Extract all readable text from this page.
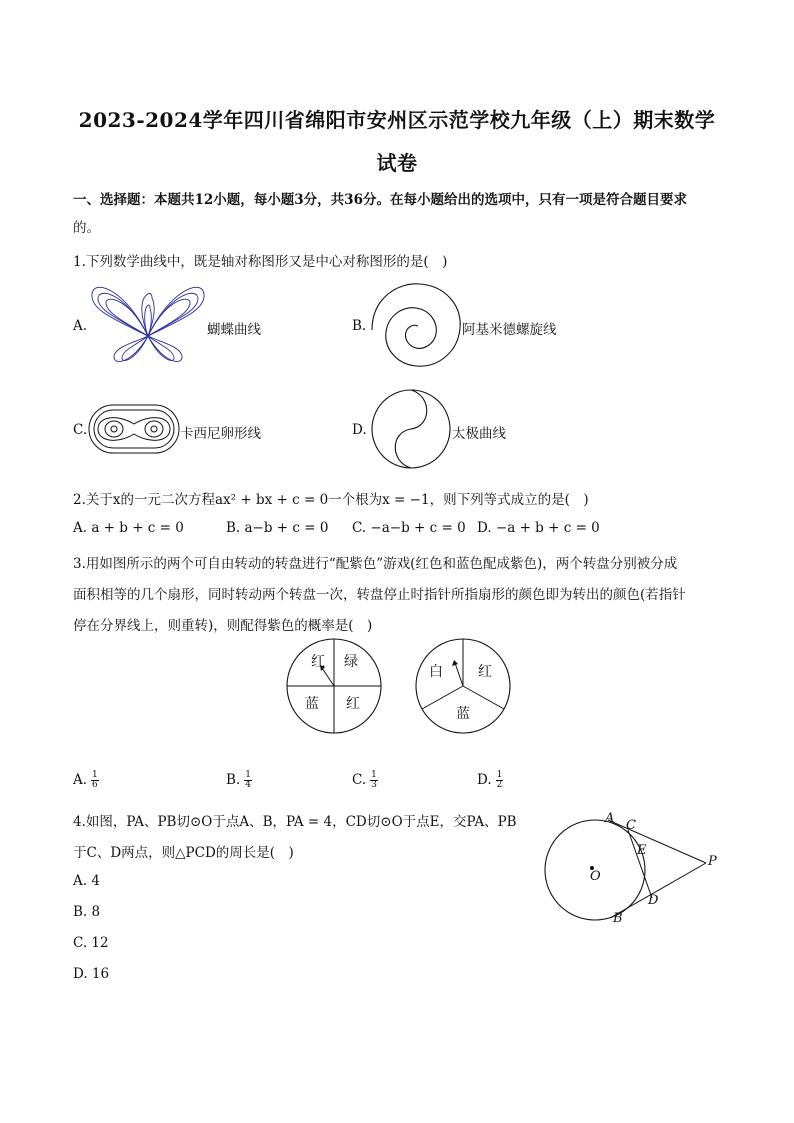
2023-2024学年四川省绵阳市安州区示范学校九年级（上）期末数学
试卷
一、选择题：本题共12小题，每小题3分，共36分。在每小题给出的选项中，只有一项是符合题目要求
的。
1.下列数学曲线中，既是轴对称图形又是中心对称图形的是(　)
A.	蝴蝶曲线	B.	阿基米德螺旋线
C.	卡西尼卵形线	D.	太极曲线
2.关于x的一元二次方程ax² + bx + c = 0一个根为x = −1，则下列等式成立的是(　)
A. a + b + c = 0	B. a−b + c = 0 C. −a−b + c = 0 D. −a + b + c = 0
3.用如图所示的两个可自由转动的转盘进行“配紫色”游戏(红色和蓝色配成紫色)，两个转盘分别被分成
面积相等的几个扇形，同时转动两个转盘一次，转盘停止时指针所指扇形的颜色即为转出的颜色(若指针
停在分界线上，则重转)，则配得紫色的概率是(　)
红 绿
蓝 红
白	红
蓝
A. $\frac{1}{6}$	B. $\frac{1}{4}$	C. $\frac{1}{3}$	D. $\frac{1}{2}$
4.如图，PA、PB切⊙O于点A、B，PA = 4，CD切⊙O于点E，交PA、PB
于C、D两点，则△PCD的周长是(　)
A. 4
B. 8
C. 12
D. 16
A C
E
P
O
D
B
